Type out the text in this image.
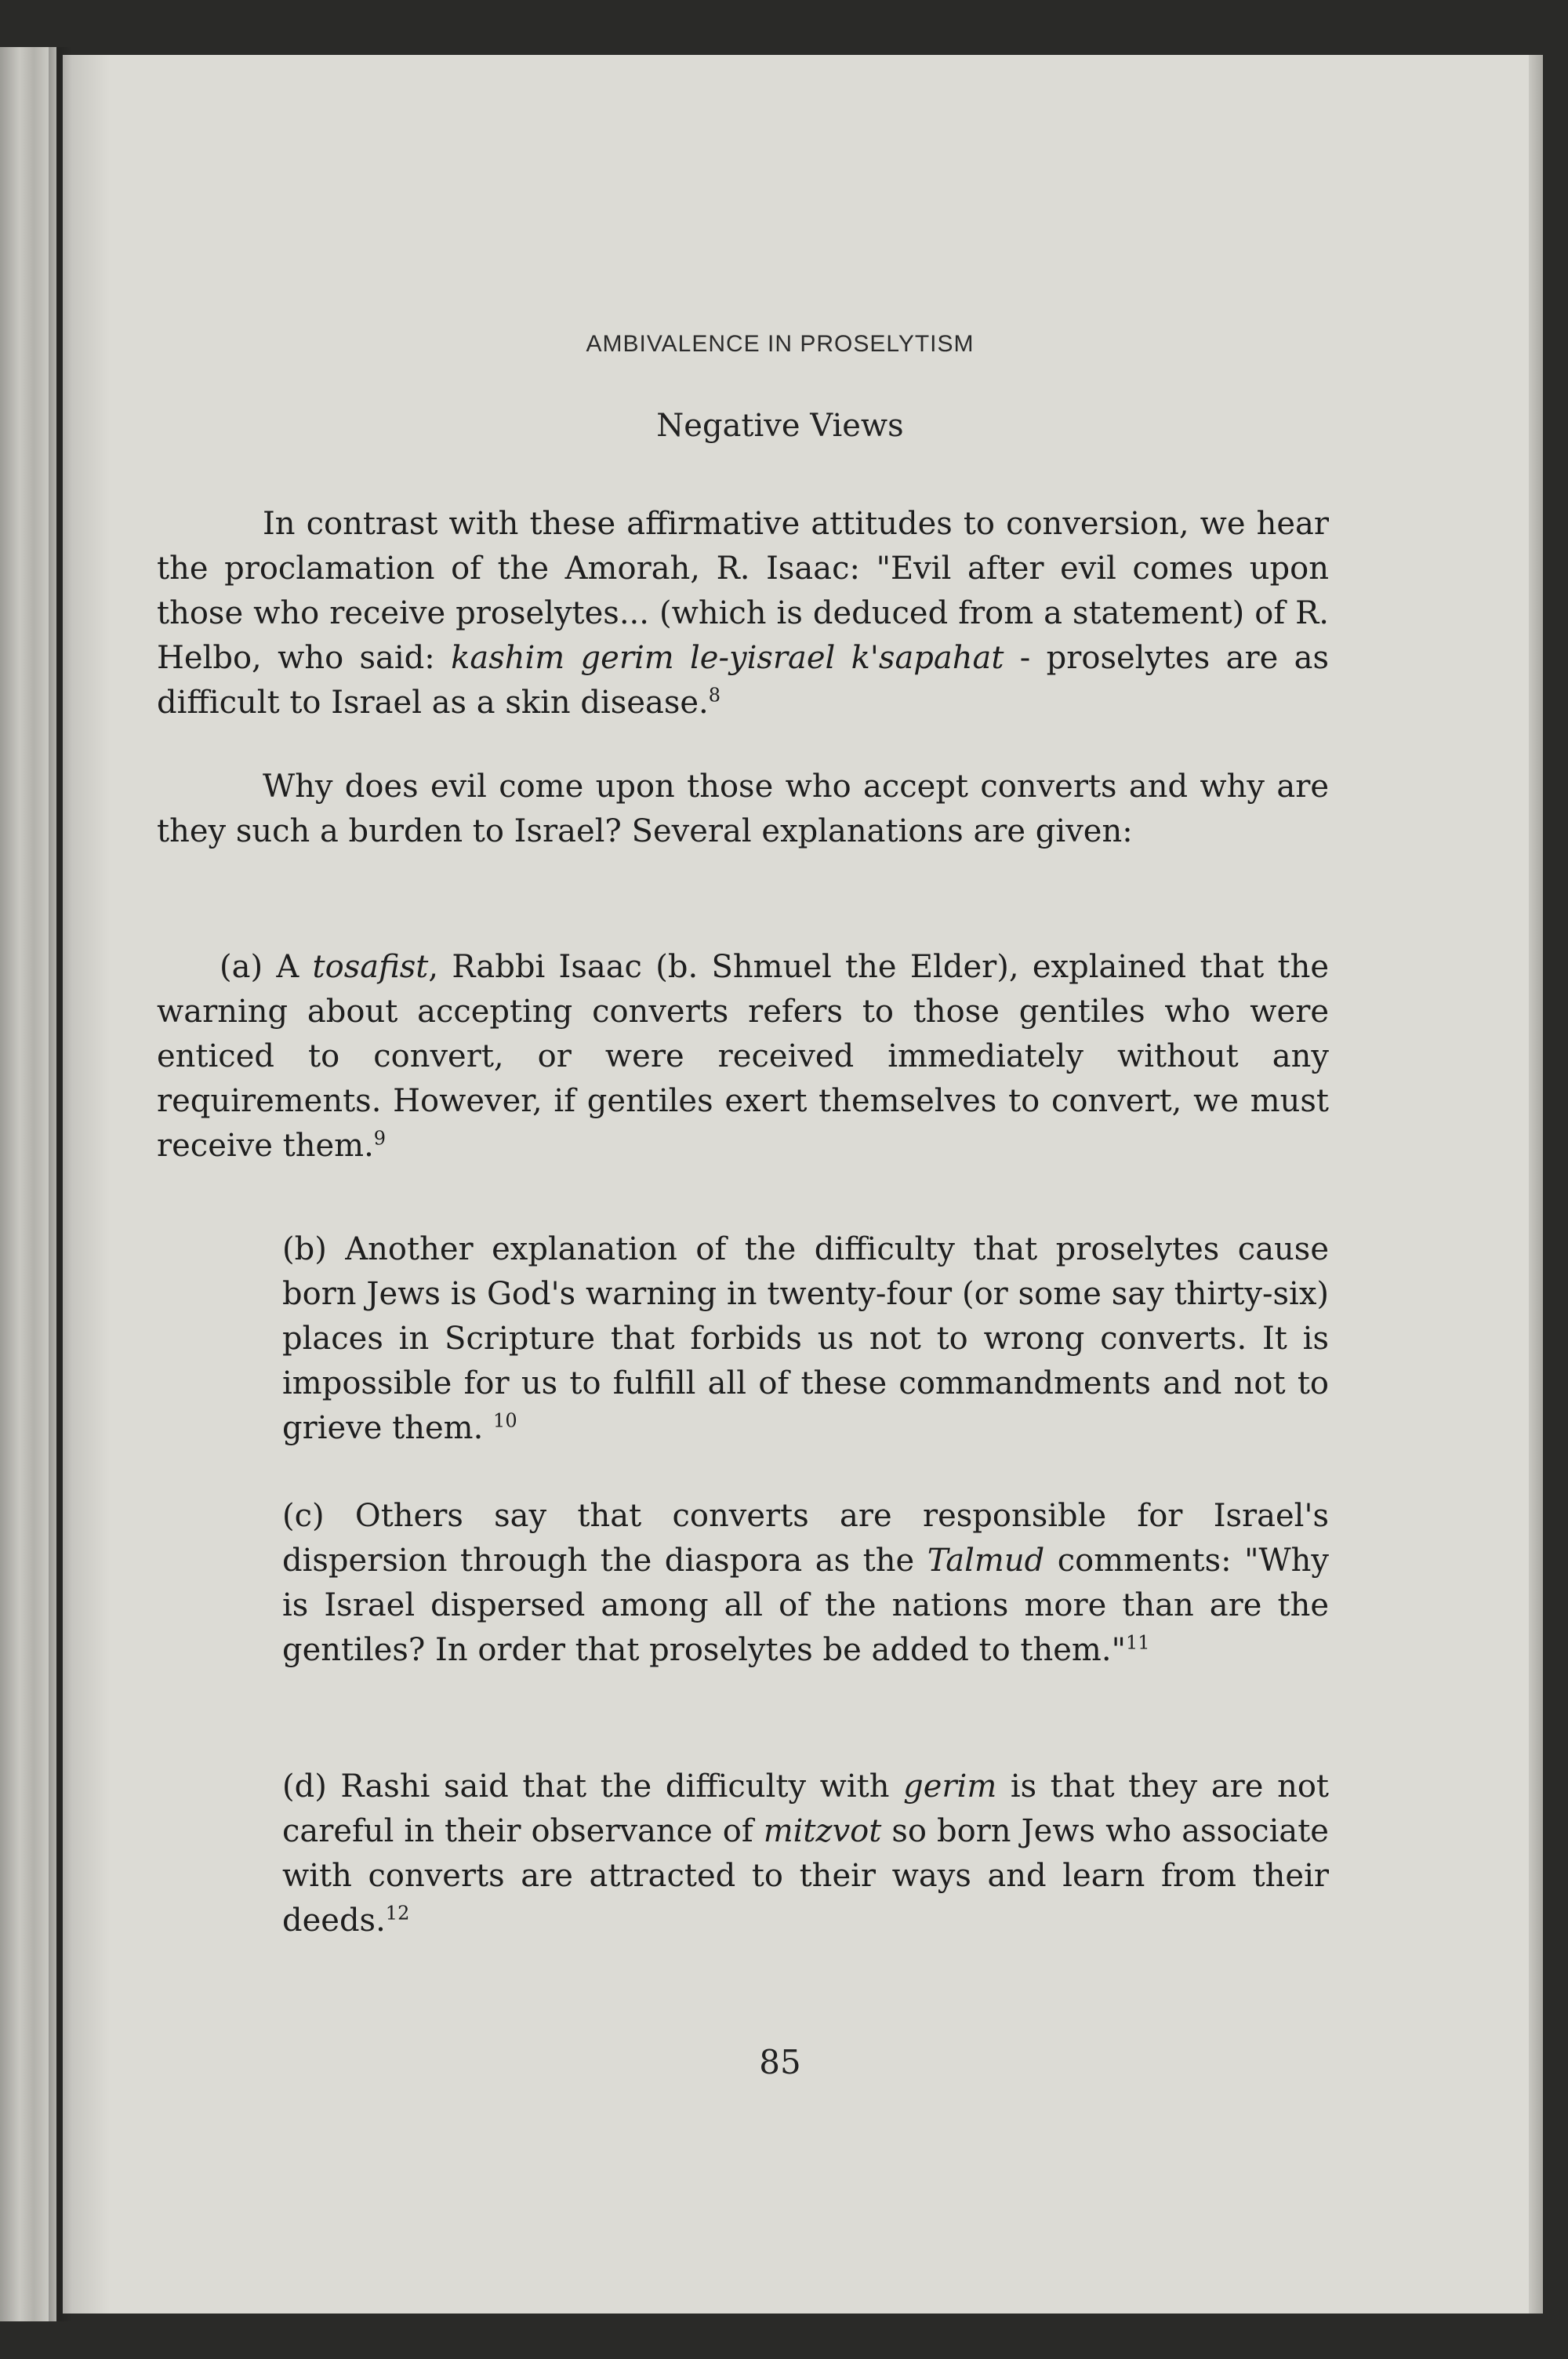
AMBIVALENCE IN PROSELYTISM
Negative Views

In contrast with these affirmative attitudes to conversion, we hear the proclamation of the Amorah, R. Isaac: "Evil after evil comes upon those who receive proselytes... (which is deduced from a statement) of R. Helbo, who said: kashim gerim le-yisrael k'sapahat - proselytes are as difficult to Israel as a skin disease.$^8$

Why does evil come upon those who accept converts and why are they such a burden to Israel? Several explanations are given:

(a) A tosafist, Rabbi Isaac (b. Shmuel the Elder), explained that the warning about accepting converts refers to those gentiles who were enticed to convert, or were received immediately without any requirements. However, if gentiles exert themselves to convert, we must receive them.$^9$

(b) Another explanation of the difficulty that proselytes cause born Jews is God's warning in twenty-four (or some say thirty-six) places in Scripture that forbids us not to wrong converts. It is impossible for us to fulfill all of these commandments and not to grieve them. $^{10}$

(c) Others say that converts are responsible for Israel's dispersion through the diaspora as the Talmud comments: "Why is Israel dispersed among all of the nations more than are the gentiles? In order that proselytes be added to them."$^{11}$

(d) Rashi said that the difficulty with gerim is that they are not careful in their observance of mitzvot so born Jews who associate with converts are attracted to their ways and learn from their deeds.$^{12}$

85
